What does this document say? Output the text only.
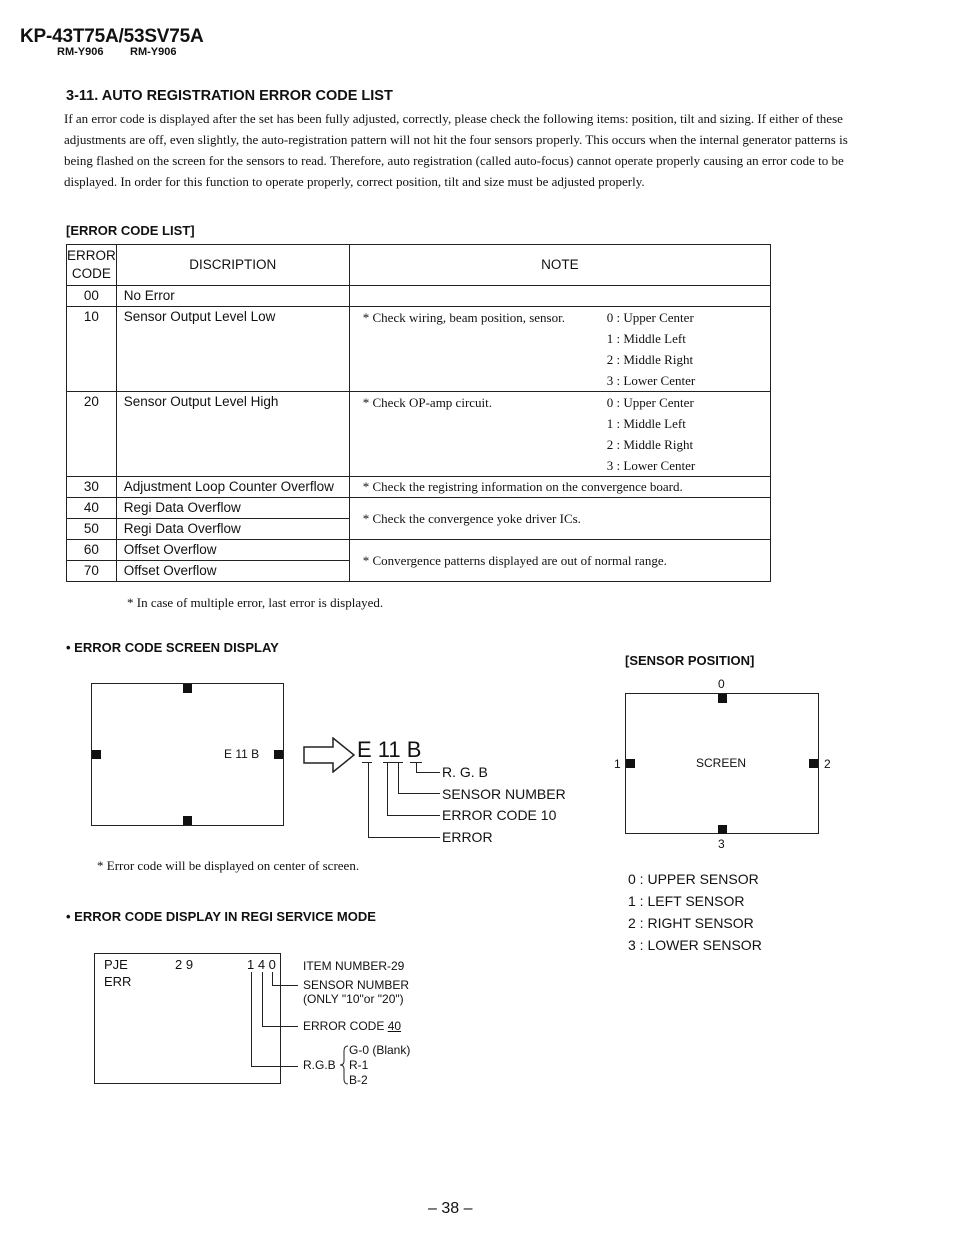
KP-43T75A/53SV75A
RM-Y906 RM-Y906
3-11. AUTO REGISTRATION ERROR CODE LIST
If an error code is displayed after the set has been fully adjusted, correctly, please check the following items: position, tilt and sizing. If either of these adjustments are off, even slightly, the auto-registration pattern will not hit the four sensors properly. This occurs when the internal generator patterns is being flashed on the screen for the sensors to read. Therefore, auto registration (called auto-focus) cannot operate properly causing an error code to be displayed. In order for this function to operate properly, correct position, tilt and size must be adjusted properly.
[ERROR CODE LIST]
ERROR CODE	DISCRIPTION	NOTE
00	No Error	
10	Sensor Output Level Low	* Check wiring, beam position, sensor. 0 : Upper Center
1 : Middle Left
2 : Middle Right
3 : Lower Center

20	Sensor Output Level High	* Check OP-amp circuit. 0 : Upper Center
1 : Middle Left
2 : Middle Right
3 : Lower Center

30	Adjustment Loop Counter Overflow	* Check the registring information on the convergence board.
40	Regi Data Overflow	* Check the convergence yoke driver ICs.
50	Regi Data Overflow	
60	Offset Overflow	* Convergence patterns displayed are out of normal range.
70	Offset Overflow	
* In case of multiple error, last error is displayed.
• ERROR CODE SCREEN DISPLAY
E 11 B	E 11 B
R. G. B
SENSOR NUMBER
ERROR CODE 10
ERROR
* Error code will be displayed on center of screen.
[SENSOR POSITION]
0
SCREEN
1	2
3
0 : UPPER SENSOR
1 : LEFT SENSOR
2 : RIGHT SENSOR
3 : LOWER SENSOR
• ERROR CODE DISPLAY IN REGI SERVICE MODE
PJE	2 9	1 4 0
ERR
ITEM NUMBER-29
SENSOR NUMBER
(ONLY "10"or "20")
ERROR CODE 40
R.G.B
G-0 (Blank)
R-1
B-2
– 38 –
